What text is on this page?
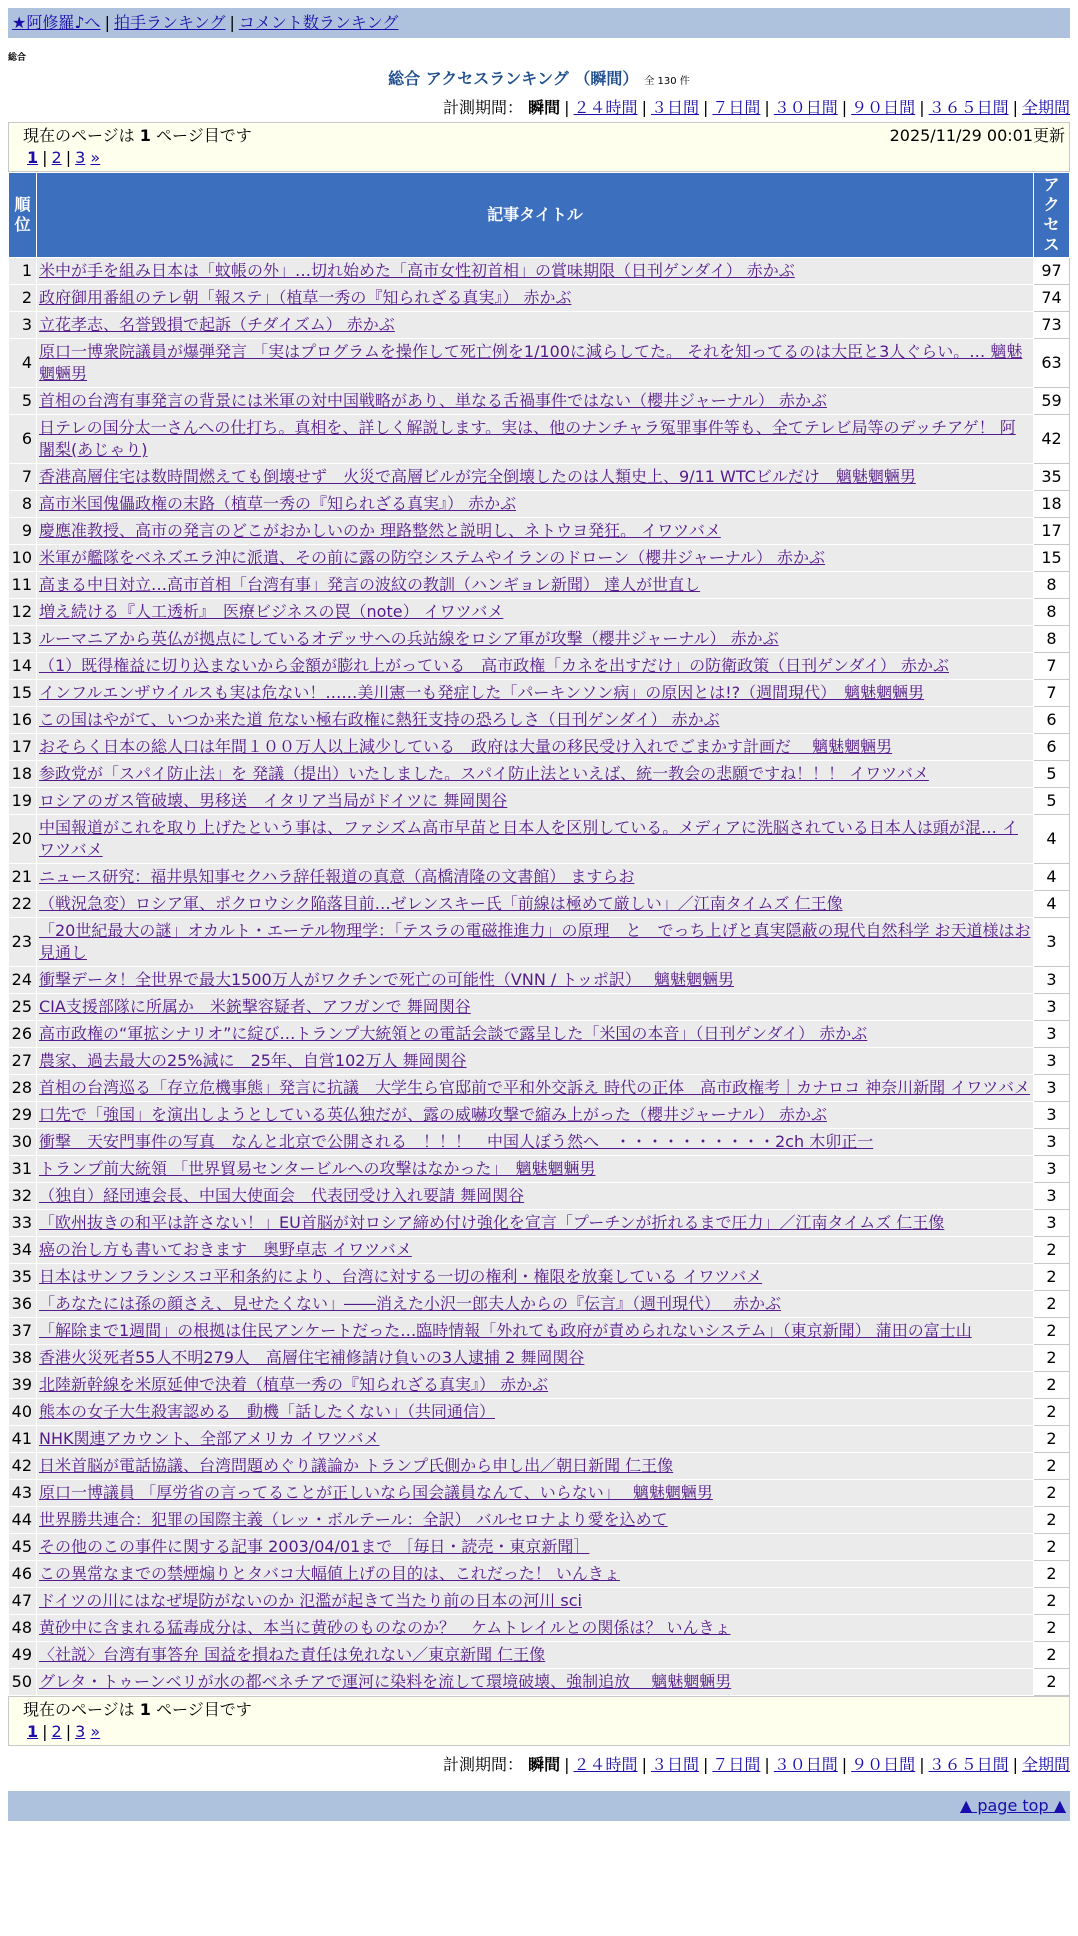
★阿修羅♪へ | 拍手ランキング | コメント数ランキング
総合
総合 アクセスランキング （瞬間） 全 130 件
計測期間： 瞬間 | ２４時間 | ３日間 | ７日間 | ３０日間 | ９０日間 | ３６５日間 | 全期間
現在のページは 1 ページ目です	2025/11/29 00:01更新
1 | 2 | 3 »
順位	記事タイトル	アクセス
1	米中が手を組み日本は「蚊帳の外」…切れ始めた「高市女性初首相」の賞味期限（日刊ゲンダイ） 赤かぶ	97
2	政府御用番組のテレ朝「報ステ」（植草一秀の『知られざる真実』） 赤かぶ	74
3	立花孝志、名誉毀損で起訴（チダイズム） 赤かぶ	73
4	原口一博衆院議員が爆弾発言 「実はプログラムを操作して死亡例を1/100に減らしてた。 それを知ってるのは大臣と3人ぐらい。… 魑魅魍魎男	63
5	首相の台湾有事発言の背景には米軍の対中国戦略があり、単なる舌禍事件ではない（櫻井ジャーナル） 赤かぶ	59
6	日テレの国分太一さんへの仕打ち。真相を、詳しく解説します。実は、他のナンチャラ冤罪事件等も、全てテレビ局等のデッチアゲ！ 阿闍梨(あじゃり)	42
7	香港高層住宅は数時間燃えても倒壊せず　火災で高層ビルが完全倒壊したのは人類史上、9/11 WTCビルだけ　魑魅魍魎男	35
8	高市米国傀儡政権の末路（植草一秀の『知られざる真実』） 赤かぶ	18
9	慶應准教授、高市の発言のどこがおかしいのか 理路整然と説明し、ネトウヨ発狂。 イワツバメ	17
10	米軍が艦隊をベネズエラ沖に派遣、その前に露の防空システムやイランのドローン（櫻井ジャーナル） 赤かぶ	15
11	高まる中日対立…高市首相「台湾有事」発言の波紋の教訓（ハンギョレ新聞） 達人が世直し	8
12	増え続ける『人工透析』　医療ビジネスの罠（note） イワツバメ	8
13	ルーマニアから英仏が拠点にしているオデッサへの兵站線をロシア軍が攻撃（櫻井ジャーナル） 赤かぶ	8
14	（1）既得権益に切り込まないから金額が膨れ上がっている　高市政権「カネを出すだけ」の防衛政策（日刊ゲンダイ） 赤かぶ	7
15	インフルエンザウイルスも実は危ない！……美川憲一も発症した「パーキンソン病」の原因とは!?（週間現代）　魑魅魍魎男	7
16	この国はやがて、いつか来た道 危ない極右政権に熱狂支持の恐ろしさ（日刊ゲンダイ） 赤かぶ	6
17	おそらく日本の総人口は年間１００万人以上減少している　政府は大量の移民受け入れでごまかす計画だ　 魑魅魍魎男	6
18	参政党が「スパイ防止法」を 発議（提出）いたしました。スパイ防止法といえば、統一教会の悲願ですね！！！ イワツバメ	5
19	ロシアのガス管破壊、男移送　イタリア当局がドイツに 舞岡関谷	5
20	中国報道がこれを取り上げたという事は、ファシズム高市早苗と日本人を区別している。メディアに洗脳されている日本人は頭が混… イワツバメ	4
21	ニュース研究：福井県知事セクハラ辞任報道の真意（高橋清隆の文書館） ますらお	4
22	（戦況急変）ロシア軍、ポクロウシク陥落目前…ゼレンスキー氏「前線は極めて厳しい」／江南タイムズ 仁王像	4
23	「20世紀最大の謎」オカルト・エーテル物理学：「テスラの電磁推進力」の原理　と　でっち上げと真実隠蔽の現代自然科学 お天道様はお見通し	3
24	衝撃データ！全世界で最大1500万人がワクチンで死亡の可能性（VNN / トッポ訳）　 魑魅魍魎男	3
25	CIA支援部隊に所属か　米銃撃容疑者、アフガンで 舞岡関谷	3
26	高市政権の“軍拡シナリオ”に綻び…トランプ大統領との電話会談で露呈した「米国の本音」（日刊ゲンダイ） 赤かぶ	3
27	農家、過去最大の25%減に　25年、自営102万人 舞岡関谷	3
28	首相の台湾巡る「存立危機事態」発言に抗議　大学生ら官邸前で平和外交訴え 時代の正体　高市政権考｜カナロコ 神奈川新聞 イワツバメ	3
29	口先で「強国」を演出しようとしている英仏独だが、露の威嚇攻撃で縮み上がった（櫻井ジャーナル） 赤かぶ	3
30	衝撃　天安門事件の写真　なんと北京で公開される　！！！　中国人ぼう然へ　・・・・・・・・・・2ch 木卯正一	3
31	トランプ前大統領 「世界貿易センタービルへの攻撃はなかった」　魑魅魍魎男	3
32	（独自）経団連会長、中国大使面会　代表団受け入れ要請 舞岡関谷	3
33	「欧州抜きの和平は許さない！」EU首脳が対ロシア締め付け強化を宣言「プーチンが折れるまで圧力」／江南タイムズ 仁王像	3
34	癌の治し方も書いておきます　奥野卓志 イワツバメ	2
35	日本はサンフランシスコ平和条約により、台湾に対する一切の権利・権限を放棄している イワツバメ	2
36	「あなたには孫の顔さえ、見せたくない」――消えた小沢一郎夫人からの『伝言』（週刊現代）　 赤かぶ	2
37	「解除まで1週間」の根拠は住民アンケートだった…臨時情報「外れても政府が責められないシステム」（東京新聞） 蒲田の富士山	2
38	香港火災死者55人不明279人　高層住宅補修請け負いの3人逮捕 2 舞岡関谷	2
39	北陸新幹線を米原延伸で決着（植草一秀の『知られざる真実』） 赤かぶ	2
40	熊本の女子大生殺害認める　動機「話したくない」（共同通信）	2
41	NHK関連アカウント、全部アメリカ イワツバメ	2
42	日米首脳が電話協議、台湾問題めぐり議論か トランプ氏側から申し出／朝日新聞 仁王像	2
43	原口一博議員 「厚労省の言ってることが正しいなら国会議員なんて、いらない」　 魑魅魍魎男	2
44	世界勝共連合：犯罪の国際主義（レッ・ボルテール：全訳） バルセロナより愛を込めて	2
45	その他のこの事件に関する記事 2003/04/01まで ［毎日・読売・東京新聞］	2
46	この異常なまでの禁煙煽りとタバコ大幅値上げの目的は、これだった！ いんきょ	2
47	ドイツの川にはなぜ堤防がないのか 氾濫が起きて当たり前の日本の河川 sci	2
48	黄砂中に含まれる猛毒成分は、本当に黄砂のものなのか？　ケムトレイルとの関係は？ いんきょ	2
49	〈社説〉台湾有事答弁 国益を損ねた責任は免れない／東京新聞 仁王像	2
50	グレタ・トゥーンベリが水の都ベネチアで運河に染料を流して環境破壊、強制追放　 魑魅魍魎男	2
現在のページは 1 ページ目です
1 | 2 | 3 »
計測期間： 瞬間 | ２４時間 | ３日間 | ７日間 | ３０日間 | ９０日間 | ３６５日間 | 全期間
▲ page top ▲
